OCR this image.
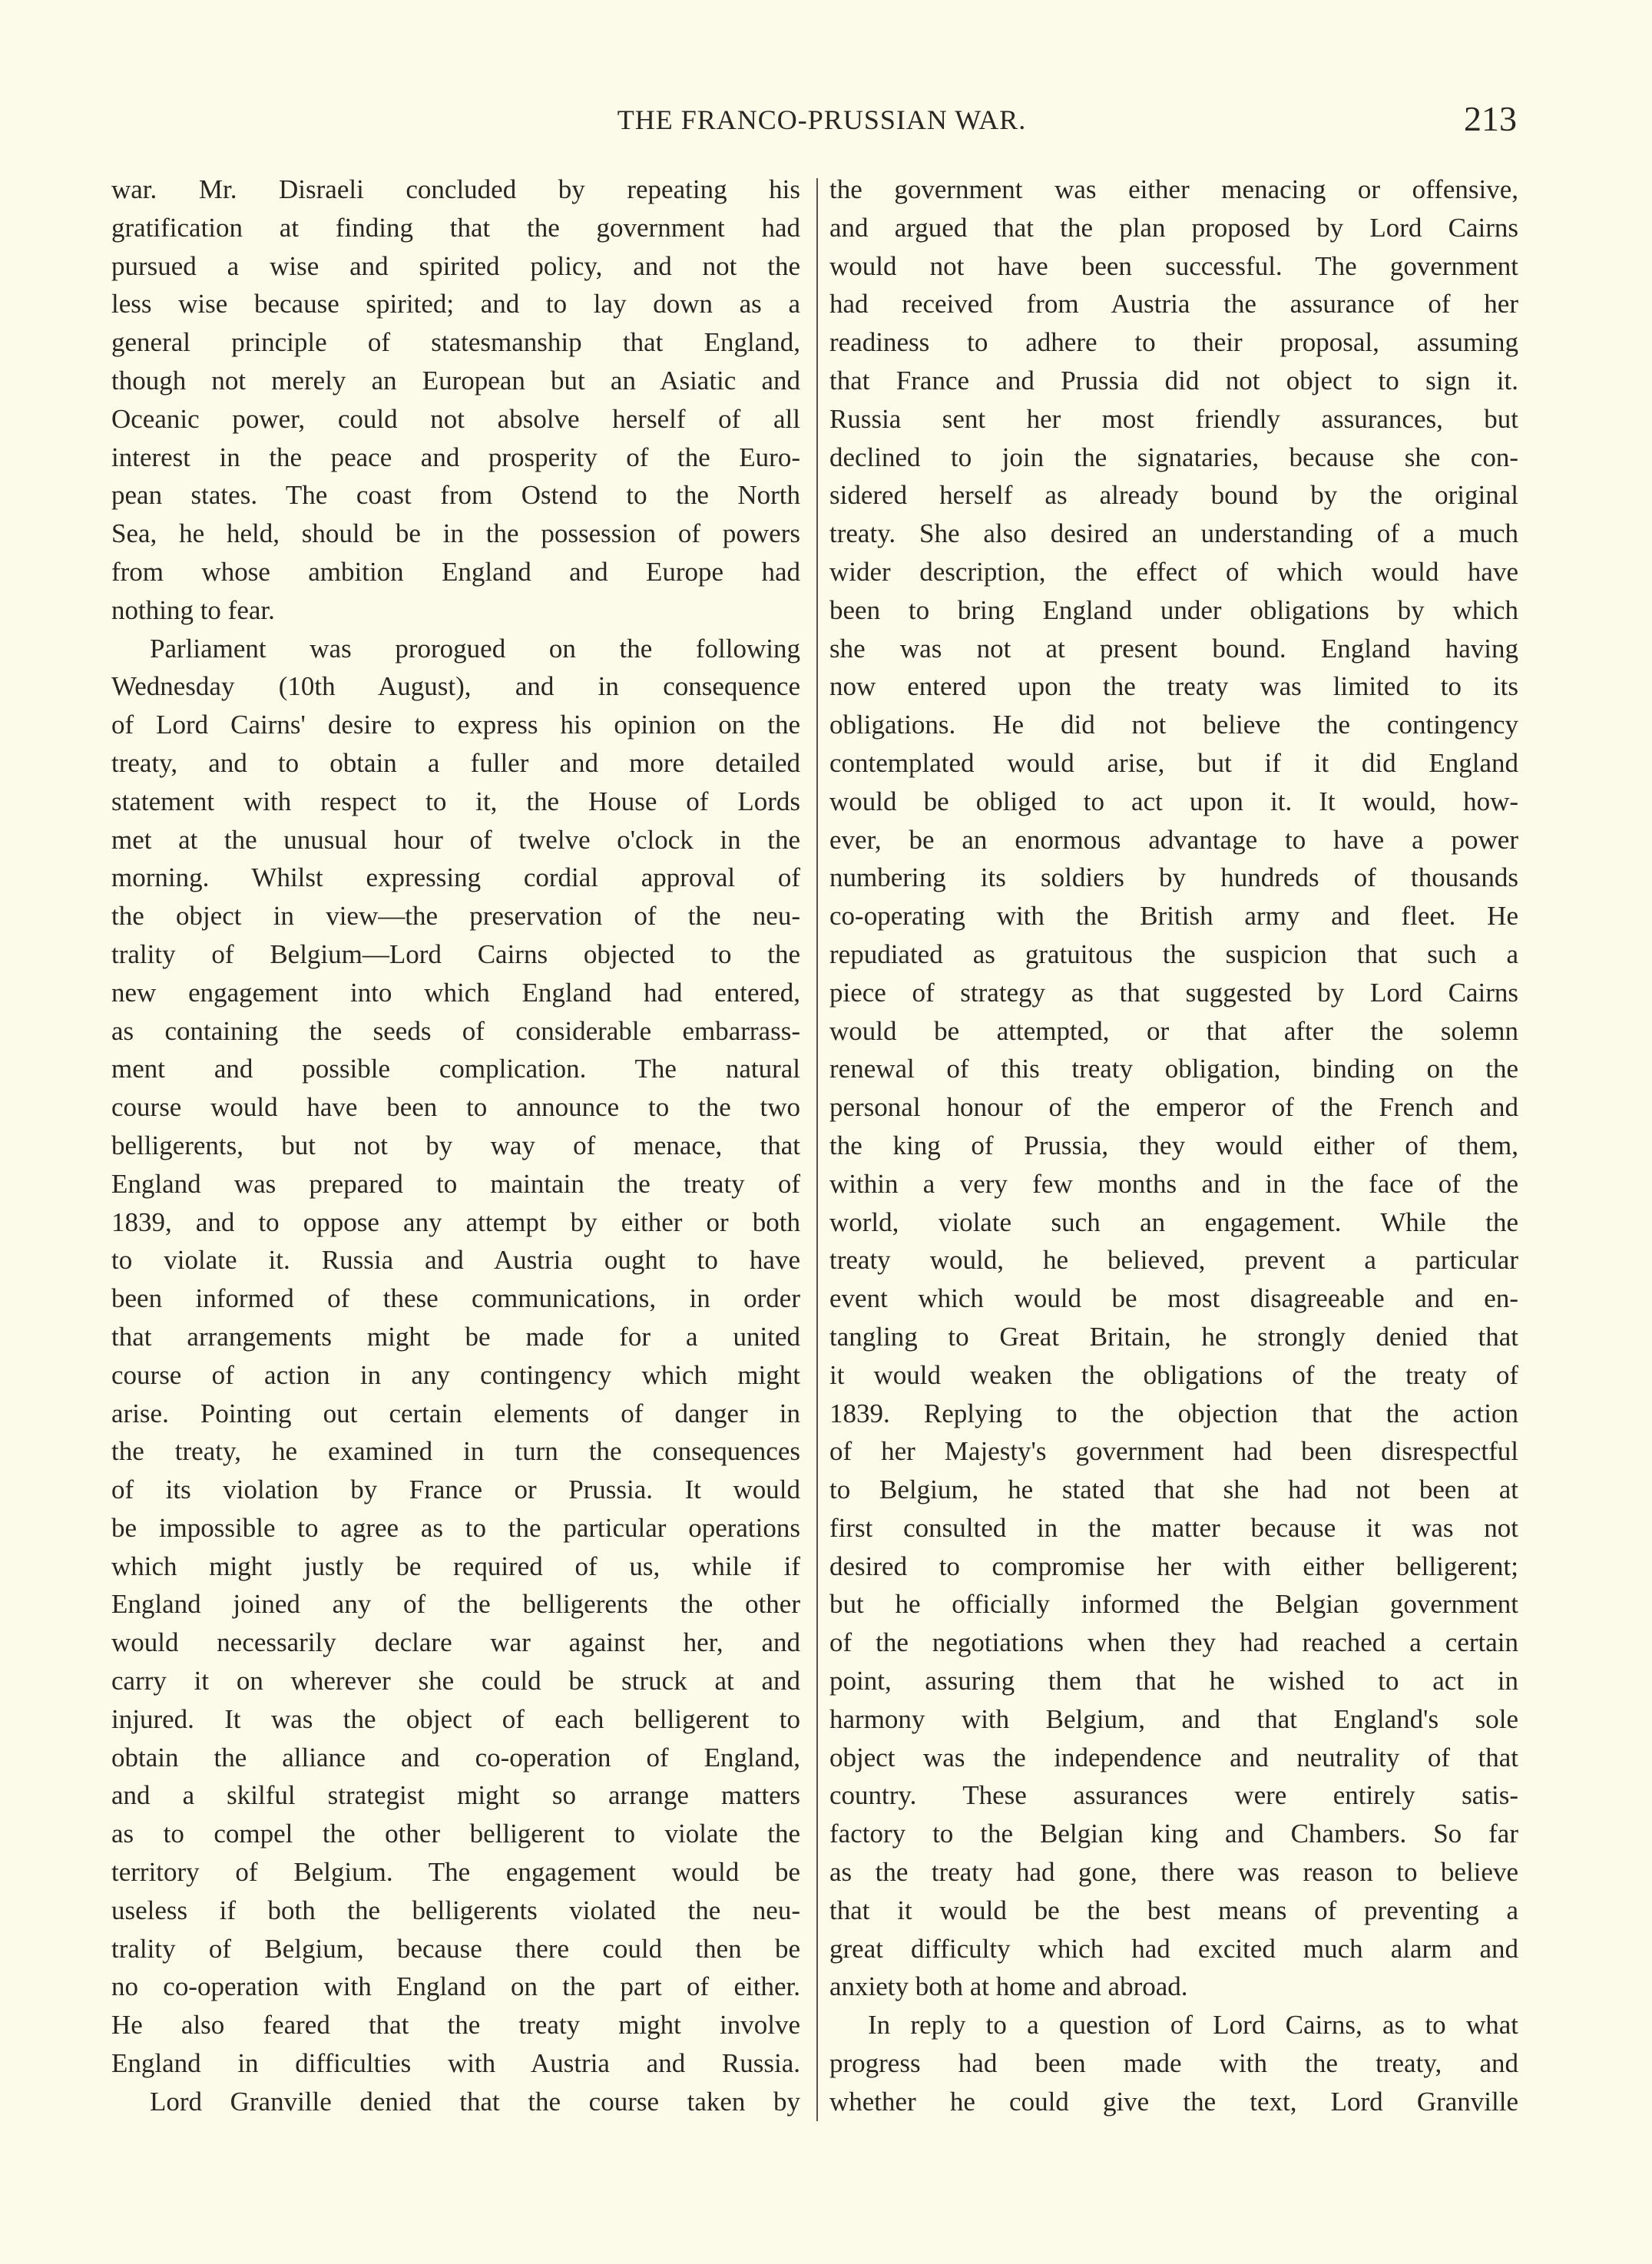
THE FRANCO-PRUSSIAN WAR.	213
war. Mr. Disraeli concluded by repeating his
gratification at finding that the government had
pursued a wise and spirited policy, and not the
less wise because spirited; and to lay down as a
general principle of statesmanship that England,
though not merely an European but an Asiatic and
Oceanic power, could not absolve herself of all
interest in the peace and prosperity of the Euro-
pean states. The coast from Ostend to the North
Sea, he held, should be in the possession of powers
from whose ambition England and Europe had
nothing to fear.
Parliament was prorogued on the following
Wednesday (10th August), and in consequence
of Lord Cairns' desire to express his opinion on the
treaty, and to obtain a fuller and more detailed
statement with respect to it, the House of Lords
met at the unusual hour of twelve o'clock in the
morning. Whilst expressing cordial approval of
the object in view—the preservation of the neu-
trality of Belgium—Lord Cairns objected to the
new engagement into which England had entered,
as containing the seeds of considerable embarrass-
ment and possible complication. The natural
course would have been to announce to the two
belligerents, but not by way of menace, that
England was prepared to maintain the treaty of
1839, and to oppose any attempt by either or both
to violate it. Russia and Austria ought to have
been informed of these communications, in order
that arrangements might be made for a united
course of action in any contingency which might
arise. Pointing out certain elements of danger in
the treaty, he examined in turn the consequences
of its violation by France or Prussia. It would
be impossible to agree as to the particular operations
which might justly be required of us, while if
England joined any of the belligerents the other
would necessarily declare war against her, and
carry it on wherever she could be struck at and
injured. It was the object of each belligerent to
obtain the alliance and co-operation of England,
and a skilful strategist might so arrange matters
as to compel the other belligerent to violate the
territory of Belgium. The engagement would be
useless if both the belligerents violated the neu-
trality of Belgium, because there could then be
no co-operation with England on the part of either.
He also feared that the treaty might involve
England in difficulties with Austria and Russia.
Lord Granville denied that the course taken by
the government was either menacing or offensive,
and argued that the plan proposed by Lord Cairns
would not have been successful. The government
had received from Austria the assurance of her
readiness to adhere to their proposal, assuming
that France and Prussia did not object to sign it.
Russia sent her most friendly assurances, but
declined to join the signataries, because she con-
sidered herself as already bound by the original
treaty. She also desired an understanding of a much
wider description, the effect of which would have
been to bring England under obligations by which
she was not at present bound. England having
now entered upon the treaty was limited to its
obligations. He did not believe the contingency
contemplated would arise, but if it did England
would be obliged to act upon it. It would, how-
ever, be an enormous advantage to have a power
numbering its soldiers by hundreds of thousands
co-operating with the British army and fleet. He
repudiated as gratuitous the suspicion that such a
piece of strategy as that suggested by Lord Cairns
would be attempted, or that after the solemn
renewal of this treaty obligation, binding on the
personal honour of the emperor of the French and
the king of Prussia, they would either of them,
within a very few months and in the face of the
world, violate such an engagement. While the
treaty would, he believed, prevent a particular
event which would be most disagreeable and en-
tangling to Great Britain, he strongly denied that
it would weaken the obligations of the treaty of
1839. Replying to the objection that the action
of her Majesty's government had been disrespectful
to Belgium, he stated that she had not been at
first consulted in the matter because it was not
desired to compromise her with either belligerent;
but he officially informed the Belgian government
of the negotiations when they had reached a certain
point, assuring them that he wished to act in
harmony with Belgium, and that England's sole
object was the independence and neutrality of that
country. These assurances were entirely satis-
factory to the Belgian king and Chambers. So far
as the treaty had gone, there was reason to believe
that it would be the best means of preventing a
great difficulty which had excited much alarm and
anxiety both at home and abroad.
In reply to a question of Lord Cairns, as to what
progress had been made with the treaty, and
whether he could give the text, Lord Granville
